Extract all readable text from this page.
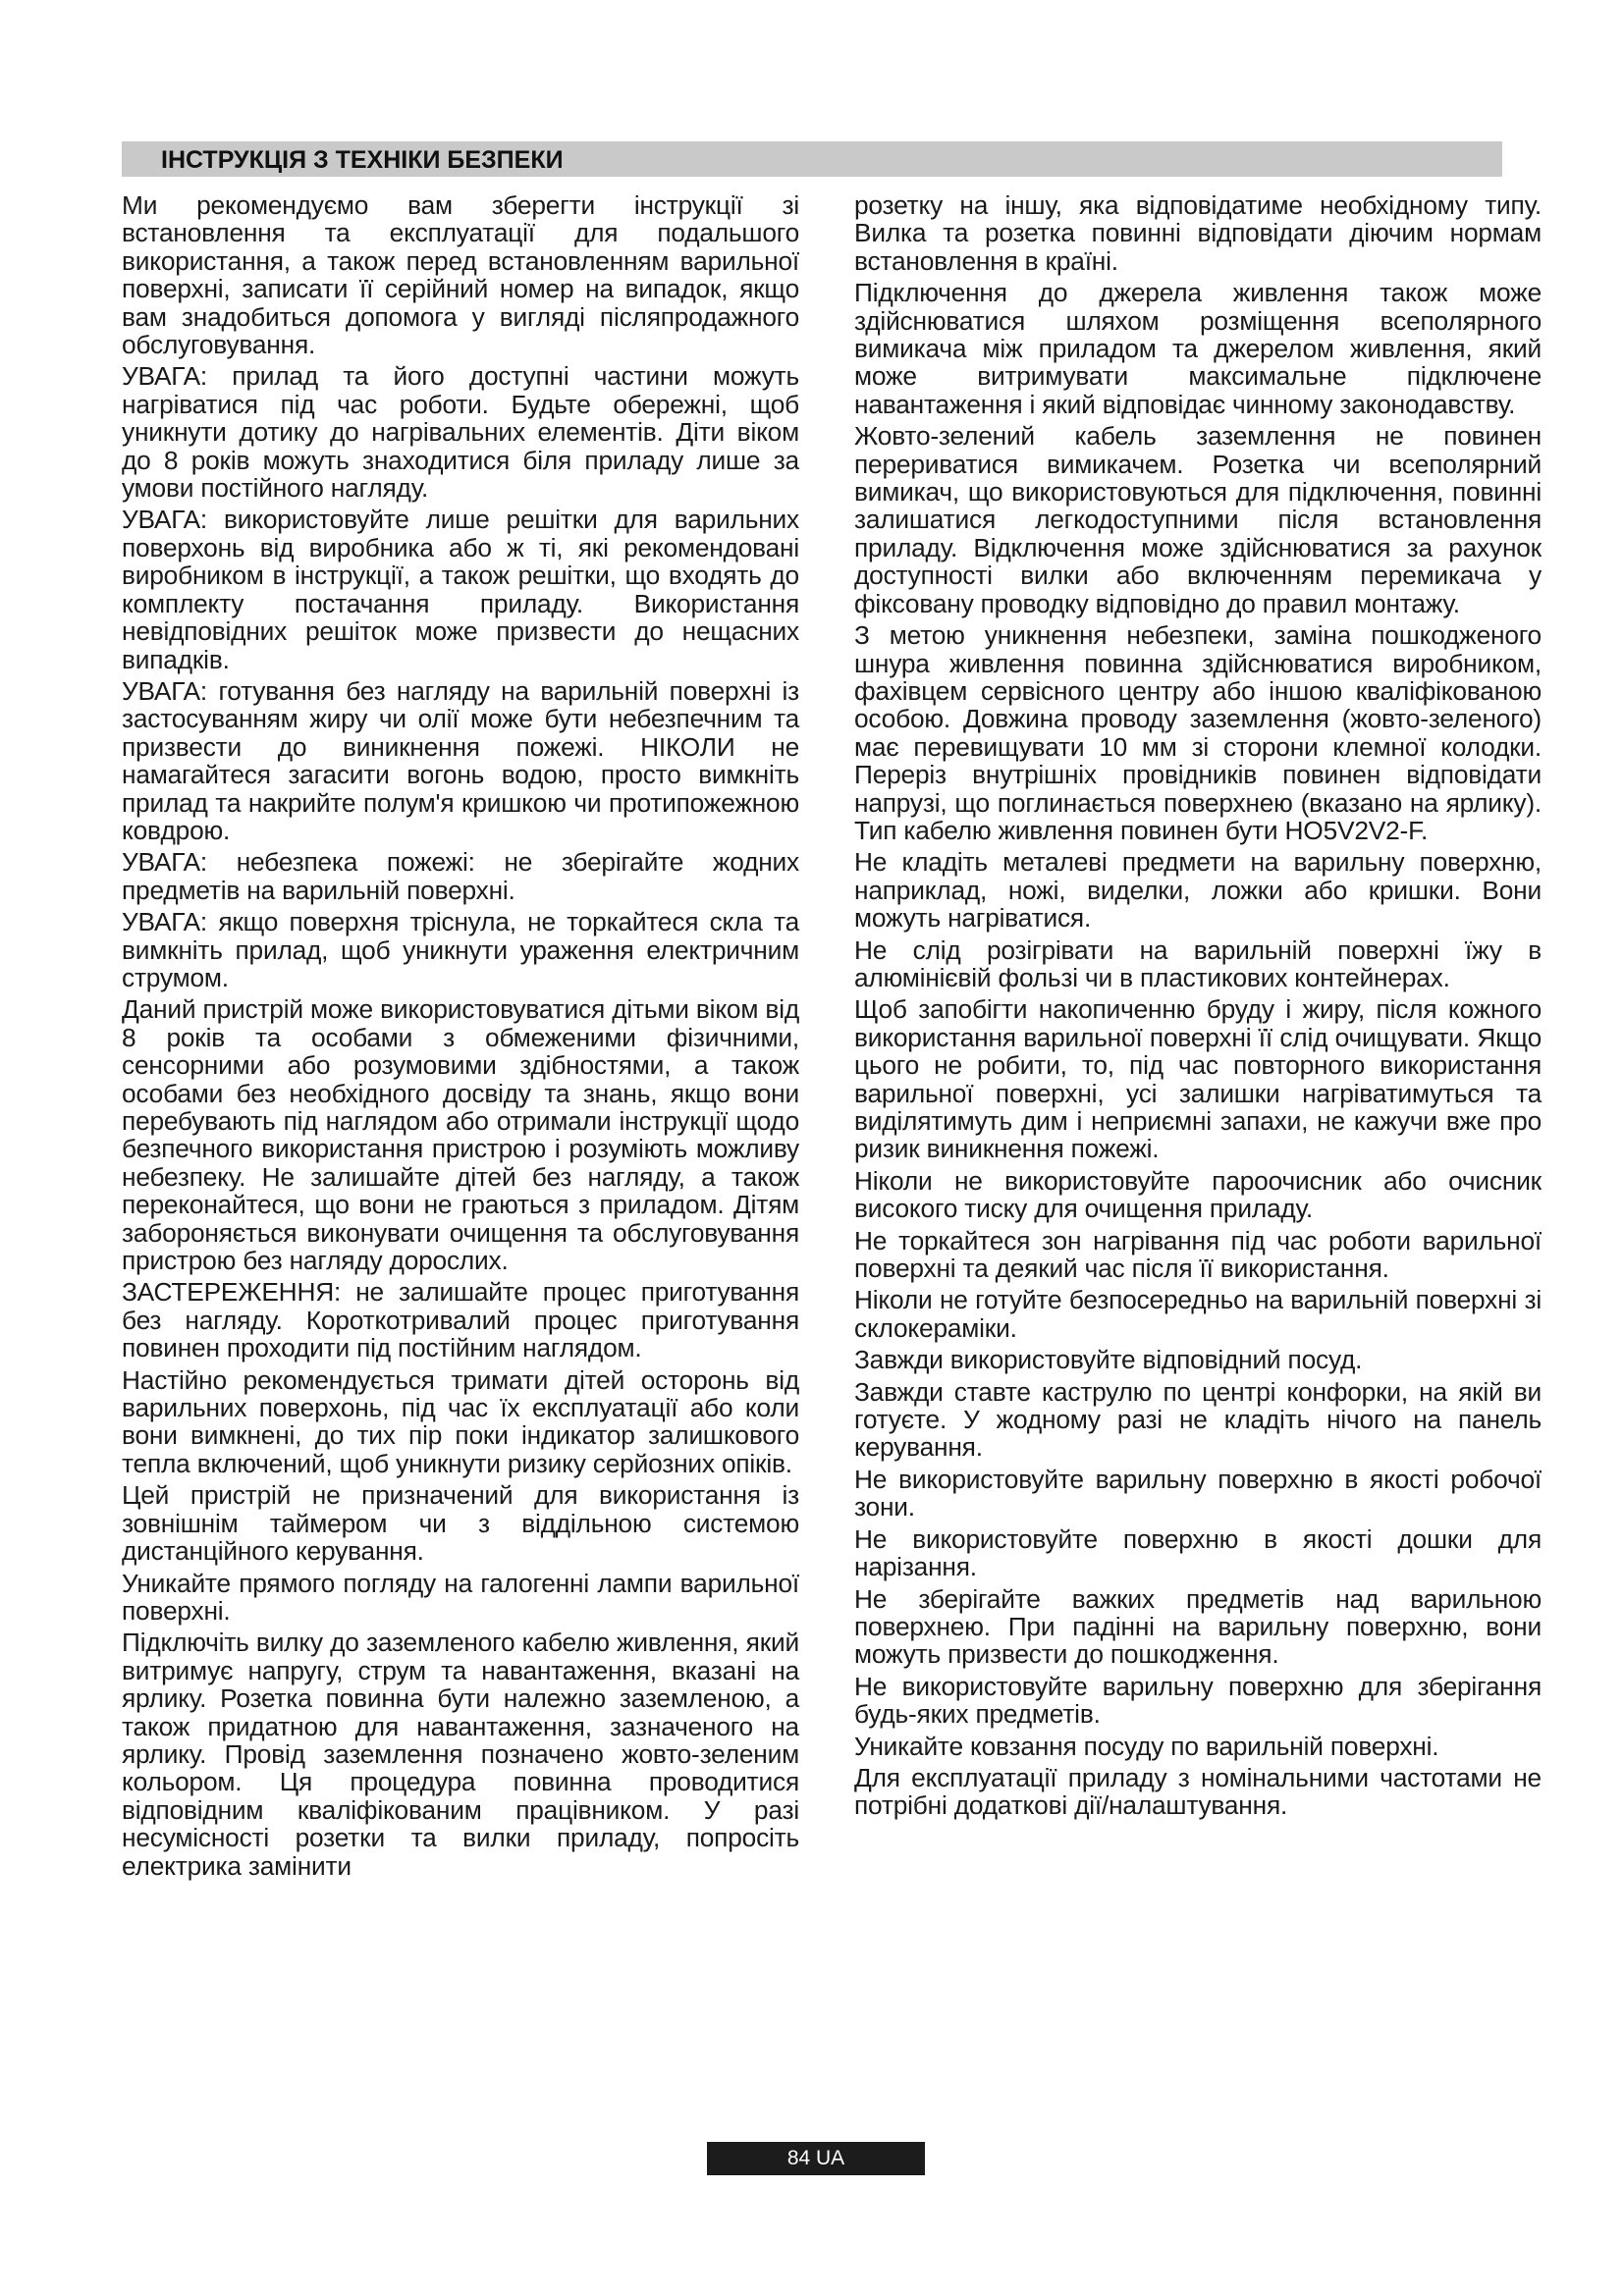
ІНСТРУКЦІЯ З ТЕХНІКИ БЕЗПЕКИ

Ми рекомендуємо вам зберегти інструкції зі встановлення та експлуатації для подальшого використання, а також перед встановленням варильної поверхні, записати її серійний номер на випадок, якщо вам знадобиться допомога у вигляді післяпродажного обслуговування.

УВАГА: прилад та його доступні частини можуть нагріватися під час роботи. Будьте обережні, щоб уникнути дотику до нагрівальних елементів. Діти віком до 8 років можуть знаходитися біля приладу лише за умови постійного нагляду.

УВАГА: використовуйте лише решітки для варильних поверхонь від виробника або ж ті, які рекомендовані виробником в інструкції, а також решітки, що входять до комплекту постачання приладу. Використання невідповідних решіток може призвести до нещасних випадків.

УВАГА: готування без нагляду на варильній поверхні із застосуванням жиру чи олії може бути небезпечним та призвести до виникнення пожежі. НІКОЛИ не намагайтеся загасити вогонь водою, просто вимкніть прилад та накрийте полум'я кришкою чи протипожежною ковдрою.

УВАГА: небезпека пожежі: не зберігайте жодних предметів на варильній поверхні.

УВАГА: якщо поверхня тріснула, не торкайтеся скла та вимкніть прилад, щоб уникнути ураження електричним струмом.

Даний пристрій може використовуватися дітьми віком від 8 років та особами з обмеженими фізичними, сенсорними або розумовими здібностями, а також особами без необхідного досвіду та знань, якщо вони перебувають під наглядом або отримали інструкції щодо безпечного використання пристрою і розуміють можливу небезпеку. Не залишайте дітей без нагляду, а також переконайтеся, що вони не граються з приладом. Дітям забороняється виконувати очищення та обслуговування пристрою без нагляду дорослих.

ЗАСТЕРЕЖЕННЯ: не залишайте процес приготування без нагляду. Короткотривалий процес приготування повинен проходити під постійним наглядом.

Настійно рекомендується тримати дітей осторонь від варильних поверхонь, під час їх експлуатації або коли вони вимкнені, до тих пір поки індикатор залишкового тепла включений, щоб уникнути ризику серйозних опіків.

Цей пристрій не призначений для використання із зовнішнім таймером чи з віддільною системою дистанційного керування.

Уникайте прямого погляду на галогенні лампи варильної поверхні.

Підключіть вилку до заземленого кабелю живлення, який витримує напругу, струм та навантаження, вказані на ярлику. Розетка повинна бути належно заземленою, а також придатною для навантаження, зазначеного на ярлику. Провід заземлення позначено жовто-зеленим кольором. Ця процедура повинна проводитися відповідним кваліфікованим працівником. У разі несумісності розетки та вилки приладу, попросіть електрика замінити

розетку на іншу, яка відповідатиме необхідному типу. Вилка та розетка повинні відповідати діючим нормам встановлення в країні.

Підключення до джерела живлення також може здійснюватися шляхом розміщення всеполярного вимикача між приладом та джерелом живлення, який може витримувати максимальне підключене навантаження і який відповідає чинному законодавству.

Жовто-зелений кабель заземлення не повинен перериватися вимикачем. Розетка чи всеполярний вимикач, що використовуються для підключення, повинні залишатися легкодоступними після встановлення приладу. Відключення може здійснюватися за рахунок доступності вилки або включенням перемикача у фіксовану проводку відповідно до правил монтажу.

З метою уникнення небезпеки, заміна пошкодженого шнура живлення повинна здійснюватися виробником, фахівцем сервісного центру або іншою кваліфікованою особою. Довжина проводу заземлення (жовто-зеленого) має перевищувати 10 мм зі сторони клемної колодки. Переріз внутрішніх провідників повинен відповідати напрузі, що поглинається поверхнею (вказано на ярлику). Тип кабелю живлення повинен бути HO5V2V2-F.

Не кладіть металеві предмети на варильну поверхню, наприклад, ножі, виделки, ложки або кришки. Вони можуть нагріватися.

Не слід розігрівати на варильній поверхні їжу в алюмінієвій фользі чи в пластикових контейнерах.

Щоб запобігти накопиченню бруду і жиру, після кожного використання варильної поверхні її слід очищувати. Якщо цього не робити, то, під час повторного використання варильної поверхні, усі залишки нагріватимуться та виділятимуть дим і неприємні запахи, не кажучи вже про ризик виникнення пожежі.

Ніколи не використовуйте пароочисник або очисник високого тиску для очищення приладу.

Не торкайтеся зон нагрівання під час роботи варильної поверхні та деякий час після її використання.

Ніколи не готуйте безпосередньо на варильній поверхні зі склокераміки.

Завжди використовуйте відповідний посуд.

Завжди ставте каструлю по центрі конфорки, на якій ви готуєте. У жодному разі не кладіть нічого на панель керування.

Не використовуйте варильну поверхню в якості робочої зони.

Не використовуйте поверхню в якості дошки для нарізання.

Не зберігайте важких предметів над варильною поверхнею. При падінні на варильну поверхню, вони можуть призвести до пошкодження.

Не використовуйте варильну поверхню для зберігання будь-яких предметів.

Уникайте ковзання посуду по варильній поверхні.

Для експлуатації приладу з номінальними частотами не потрібні додаткові дії/налаштування.

84 UA
